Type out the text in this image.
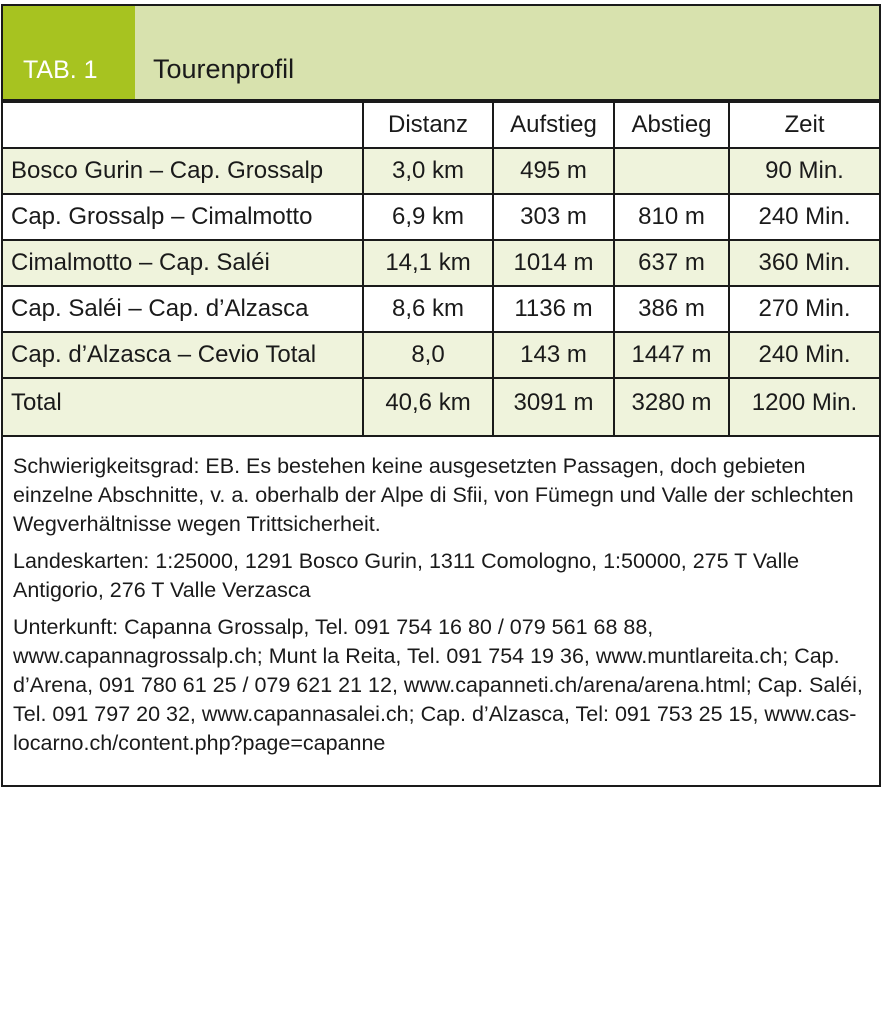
TAB. 1 Tourenprofil
	Distanz	Aufstieg	Abstieg	Zeit
Bosco Gurin – Cap. Grossalp	3,0 km	495 m		90 Min.
Cap. Grossalp – Cimalmotto	6,9 km	303 m	810 m	240 Min.
Cimalmotto – Cap. Saléi	14,1 km	1014 m	637 m	360 Min.
Cap. Saléi – Cap. d’Alzasca	8,6 km	1136 m	386 m	270 Min.
Cap. d’Alzasca – Cevio Total	8,0	143 m	1447 m	240 Min.
Total	40,6 km	3091 m	3280 m	1200 Min.

Schwierigkeitsgrad: EB. Es bestehen keine ausgesetzten Passagen, doch gebieten einzelne Abschnitte, v. a. oberhalb der Alpe di Sfii, von Fümegn und Valle der schlechten Wegverhältnisse wegen Trittsicherheit.

Landeskarten: 1:25000, 1291 Bosco Gurin, 1311 Comologno, 1:50000, 275 T Valle Antigorio, 276 T Valle Verzasca

Unterkunft: Capanna Grossalp, Tel. 091 754 16 80 / 079 561 68 88, www.capannagrossalp.ch; Munt la Reita, Tel. 091 754 19 36, www.muntlareita.ch; Cap. d’Arena, 091 780 61 25 / 079 621 21 12, www.capanneti.ch/arena/arena.html; Cap. Saléi, Tel. 091 797 20 32, www.capannasalei.ch; Cap. d’Alzasca, Tel: 091 753 25 15, www.cas- locarno.ch/content.php?page=capanne
